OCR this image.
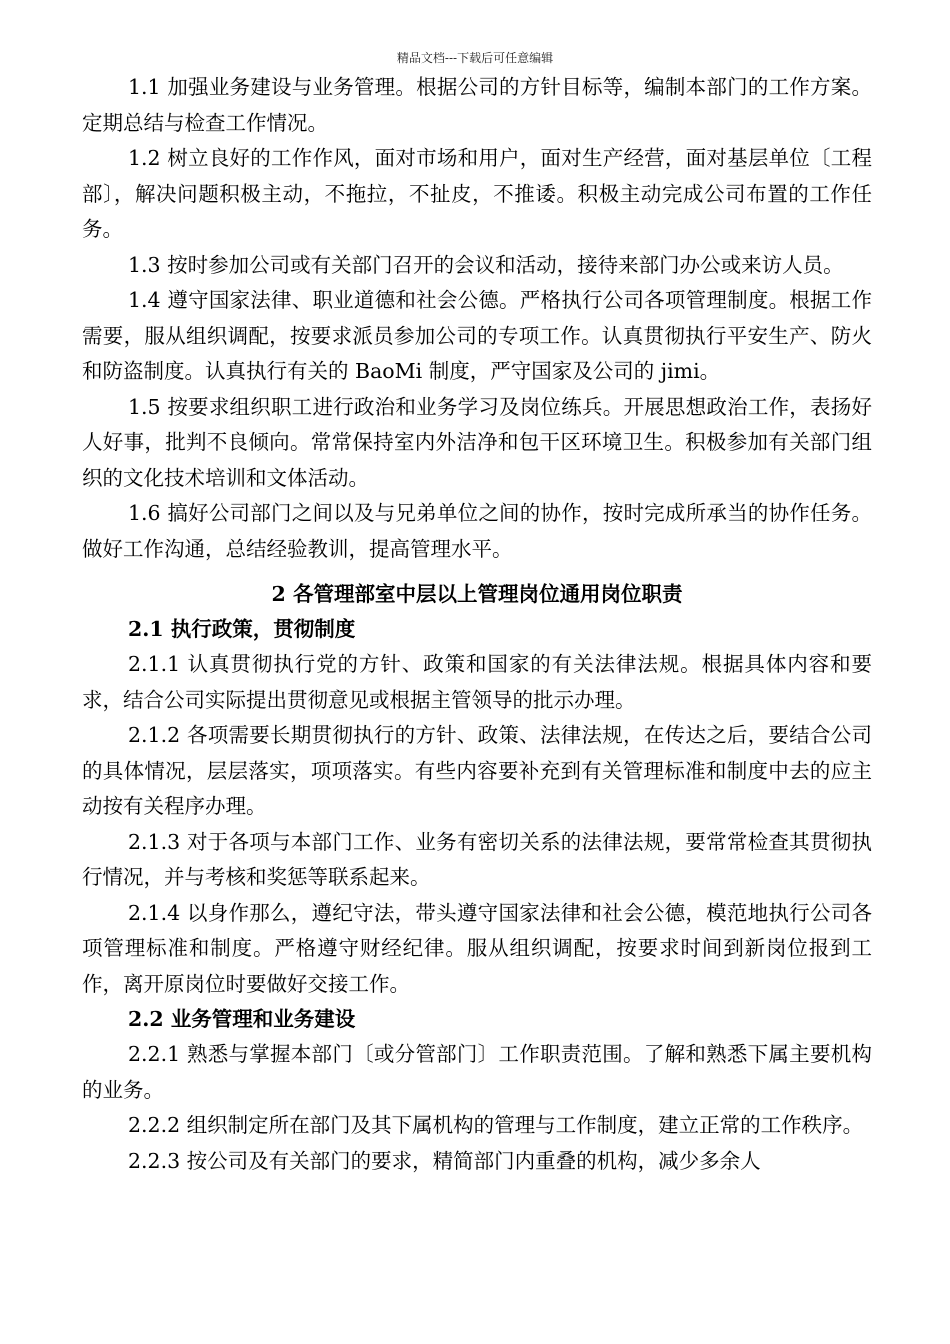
精品文档---下载后可任意编辑

1.1 加强业务建设与业务管理。根据公司的方针目标等，编制本部门的工作方案。定期总结与检查工作情况。

1.2 树立良好的工作作风，面对市场和用户，面对生产经营，面对基层单位〔工程部〕，解决问题积极主动，不拖拉，不扯皮，不推诿。积极主动完成公司布置的工作任务。

1.3 按时参加公司或有关部门召开的会议和活动，接待来部门办公或来访人员。

1.4 遵守国家法律、职业道德和社会公德。严格执行公司各项管理制度。根据工作需要，服从组织调配，按要求派员参加公司的专项工作。认真贯彻执行平安生产、防火和防盗制度。认真执行有关的 BaoMi 制度，严守国家及公司的 jimi。

1.5 按要求组织职工进行政治和业务学习及岗位练兵。开展思想政治工作，表扬好人好事，批判不良倾向。常常保持室内外洁净和包干区环境卫生。积极参加有关部门组织的文化技术培训和文体活动。

1.6 搞好公司部门之间以及与兄弟单位之间的协作，按时完成所承当的协作任务。做好工作沟通，总结经验教训，提高管理水平。

2 各管理部室中层以上管理岗位通用岗位职责
2.1 执行政策，贯彻制度

2.1.1 认真贯彻执行党的方针、政策和国家的有关法律法规。根据具体内容和要求，结合公司实际提出贯彻意见或根据主管领导的批示办理。

2.1.2 各项需要长期贯彻执行的方针、政策、法律法规，在传达之后，要结合公司的具体情况，层层落实，项项落实。有些内容要补充到有关管理标准和制度中去的应主动按有关程序办理。

2.1.3 对于各项与本部门工作、业务有密切关系的法律法规，要常常检查其贯彻执行情况，并与考核和奖惩等联系起来。

2.1.4 以身作那么，遵纪守法，带头遵守国家法律和社会公德，模范地执行公司各项管理标准和制度。严格遵守财经纪律。服从组织调配，按要求时间到新岗位报到工作，离开原岗位时要做好交接工作。

2.2 业务管理和业务建设

2.2.1 熟悉与掌握本部门〔或分管部门〕工作职责范围。了解和熟悉下属主要机构的业务。

2.2.2 组织制定所在部门及其下属机构的管理与工作制度，建立正常的工作秩序。

2.2.3 按公司及有关部门的要求，精简部门内重叠的机构，减少多余人
